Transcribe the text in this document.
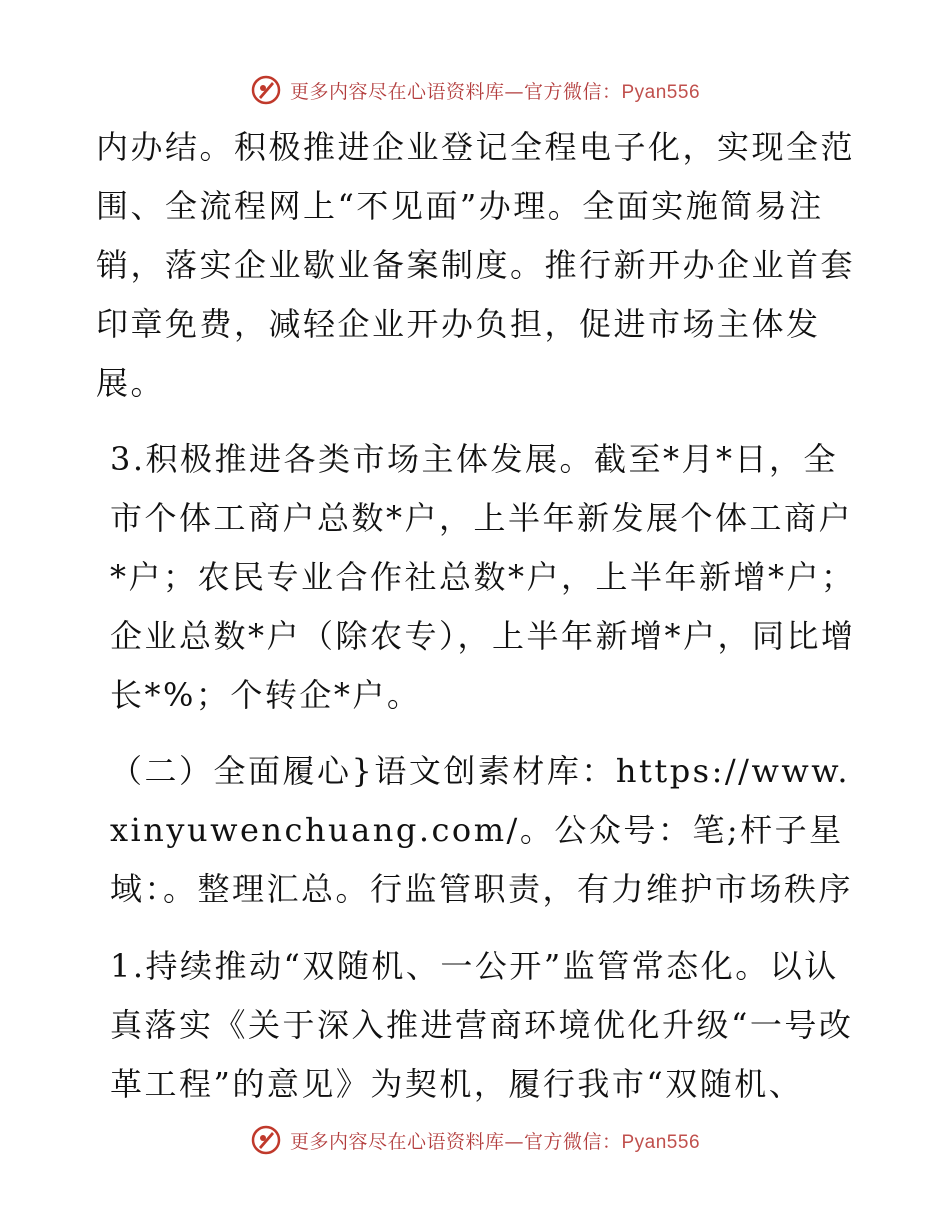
更多内容尽在心语资料库—官方微信：Pyan556

内办结。积极推进企业登记全程电子化，实现全范围、全流程网上“不见面”办理。全面实施简易注销，落实企业歇业备案制度。推行新开办企业首套印章免费，减轻企业开办负担，促进市场主体发展。

3.积极推进各类市场主体发展。截至*月*日，全市个体工商户总数*户，上半年新发展个体工商户*户；农民专业合作社总数*户，上半年新增*户；企业总数*户（除农专），上半年新增*户，同比增长*%；个转企*户。

（二）全面履心}语文创素材库：https://www.xinyuwenchuang.com/。公众号：笔;杆子星域：。整理汇总。行监管职责，有力维护市场秩序

1.持续推动“双随机、一公开”监管常态化。以认真落实《关于深入推进营商环境优化升级“一号改革工程”的意见》为契机，履行我市“双随机、

更多内容尽在心语资料库—官方微信：Pyan556
